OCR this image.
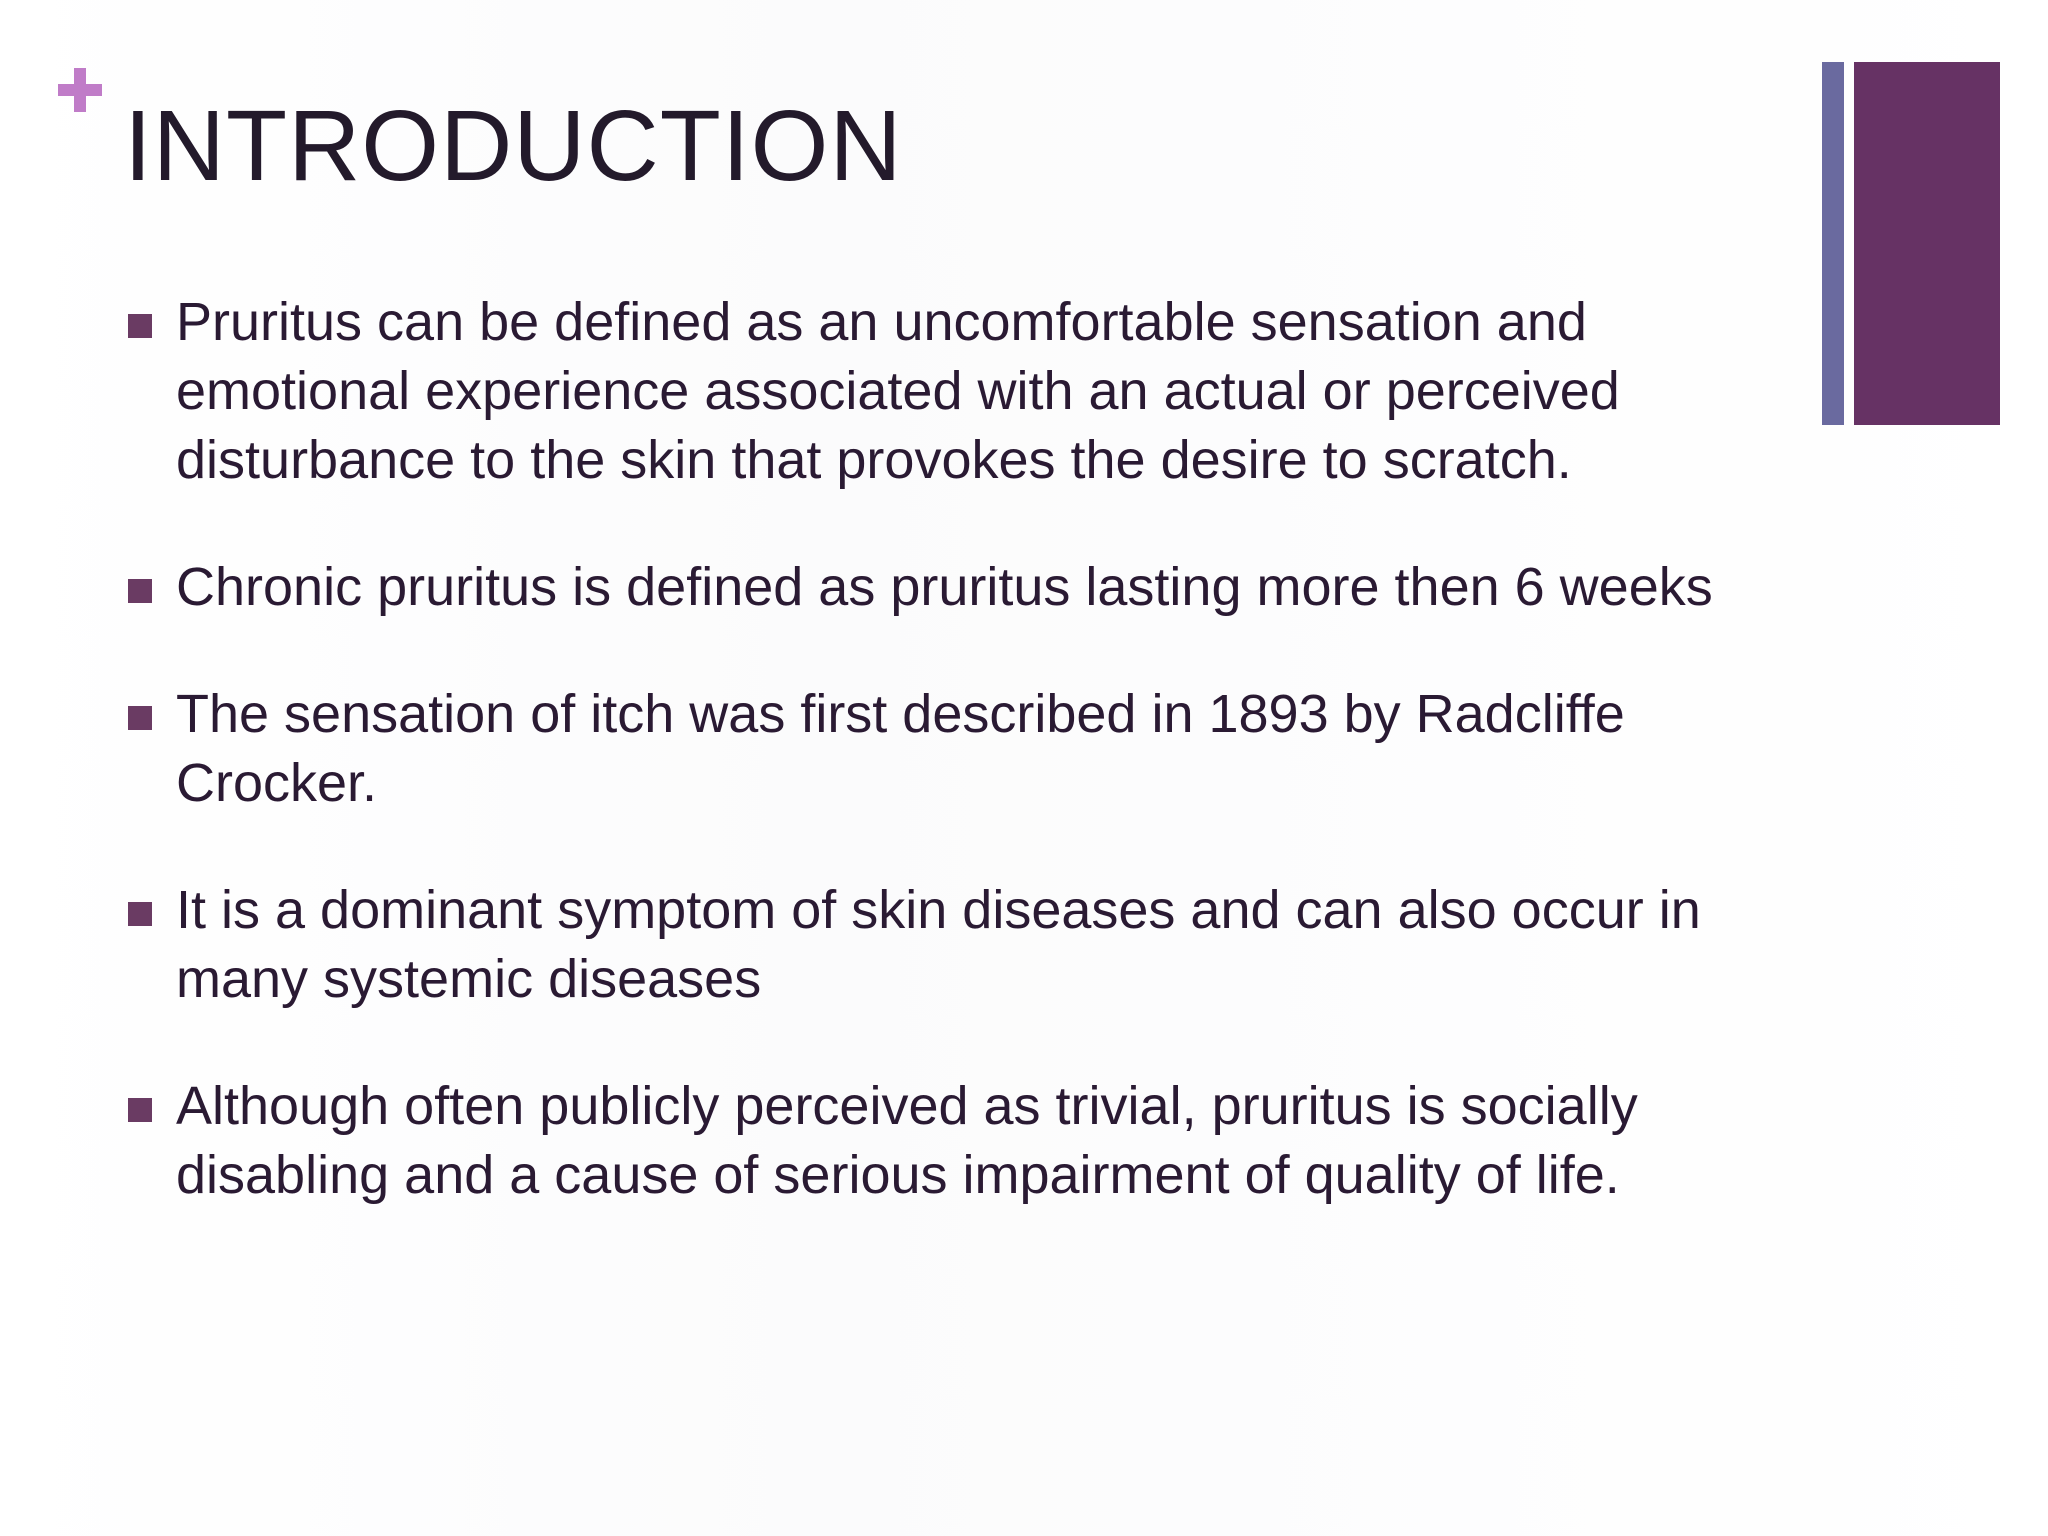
INTRODUCTION
Pruritus can be defined as an uncomfortable sensation and emotional experience associated with an actual or perceived disturbance to the skin that provokes the desire to scratch.
Chronic pruritus is defined as pruritus lasting more then 6 weeks
The sensation of itch was first described in 1893 by Radcliffe Crocker.
It is a dominant symptom of skin diseases and can also occur in many systemic diseases
Although often publicly perceived as trivial, pruritus is socially disabling and a cause of serious impairment of quality of life.
